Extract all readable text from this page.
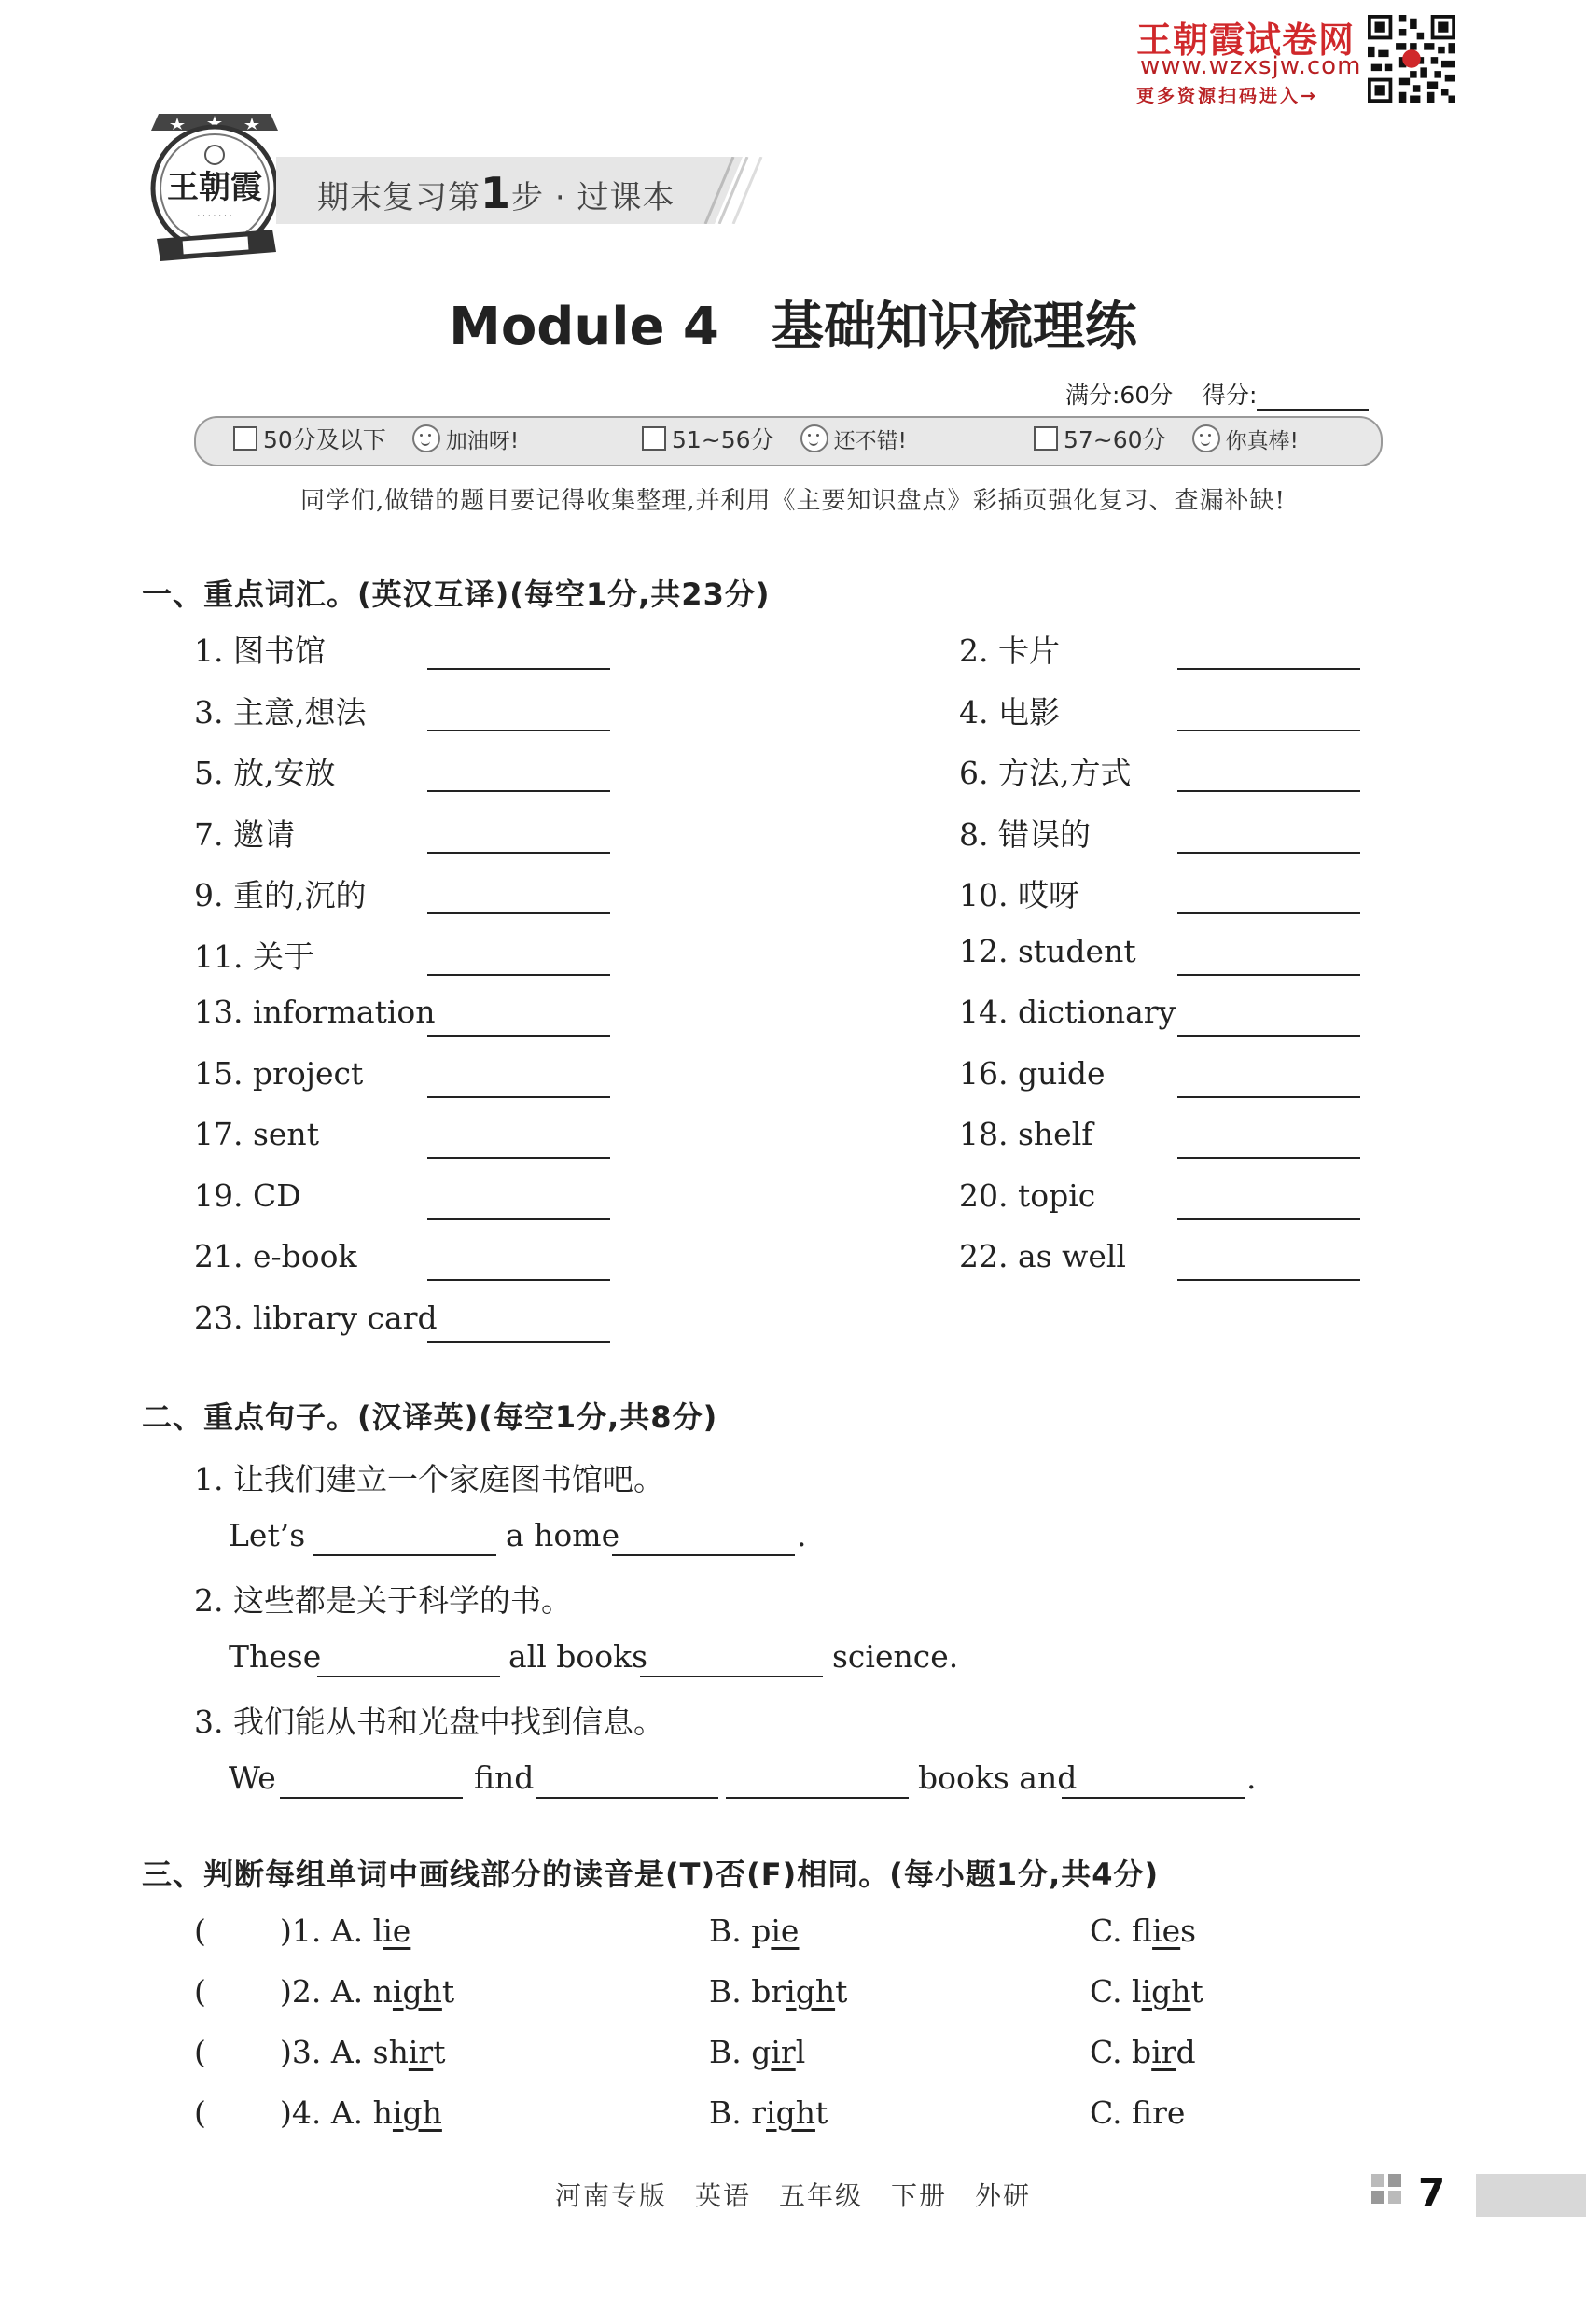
王朝霞试卷网
www.wzxsjw.com
更多资源扫码进入→
王朝霞
· · · · · · ·	期末复习第1步 · 过课本
Module 4　基础知识梳理练
满分:60分 得分:
50分及以下	加油呀!	51~56分	还不错!	57~60分	你真棒!
同学们,做错的题目要记得收集整理,并利用《主要知识盘点》彩插页强化复习、查漏补缺!
一、重点词汇。(英汉互译)(每空1分,共23分)
1. 图书馆	2. 卡片
3. 主意,想法	4. 电影
5. 放,安放	6. 方法,方式
7. 邀请	8. 错误的
9. 重的,沉的	10. 哎呀
11. 关于	12. student
13. information	14. dictionary
15. project	16. guide
17. sent	18. shelf
19. CD	20. topic
21. e-book	22. as well
23. library card
二、重点句子。(汉译英)(每空1分,共8分)
1. 让我们建立一个家庭图书馆吧。
Let’s	a home	.
2. 这些都是关于科学的书。
These	all books	science.
3. 我们能从书和光盘中找到信息。
We	find	books and	.
三、判断每组单词中画线部分的读音是(T)否(F)相同。(每小题1分,共4分)
( )1. A. lie	B. pie	C. flies
( )2. A. night	B. bright	C. light
( )3. A. shirt	B. girl	C. bird
( )4. A. high	B. right	C. fre
河南专版　英语　五年级　下册　外研	7
